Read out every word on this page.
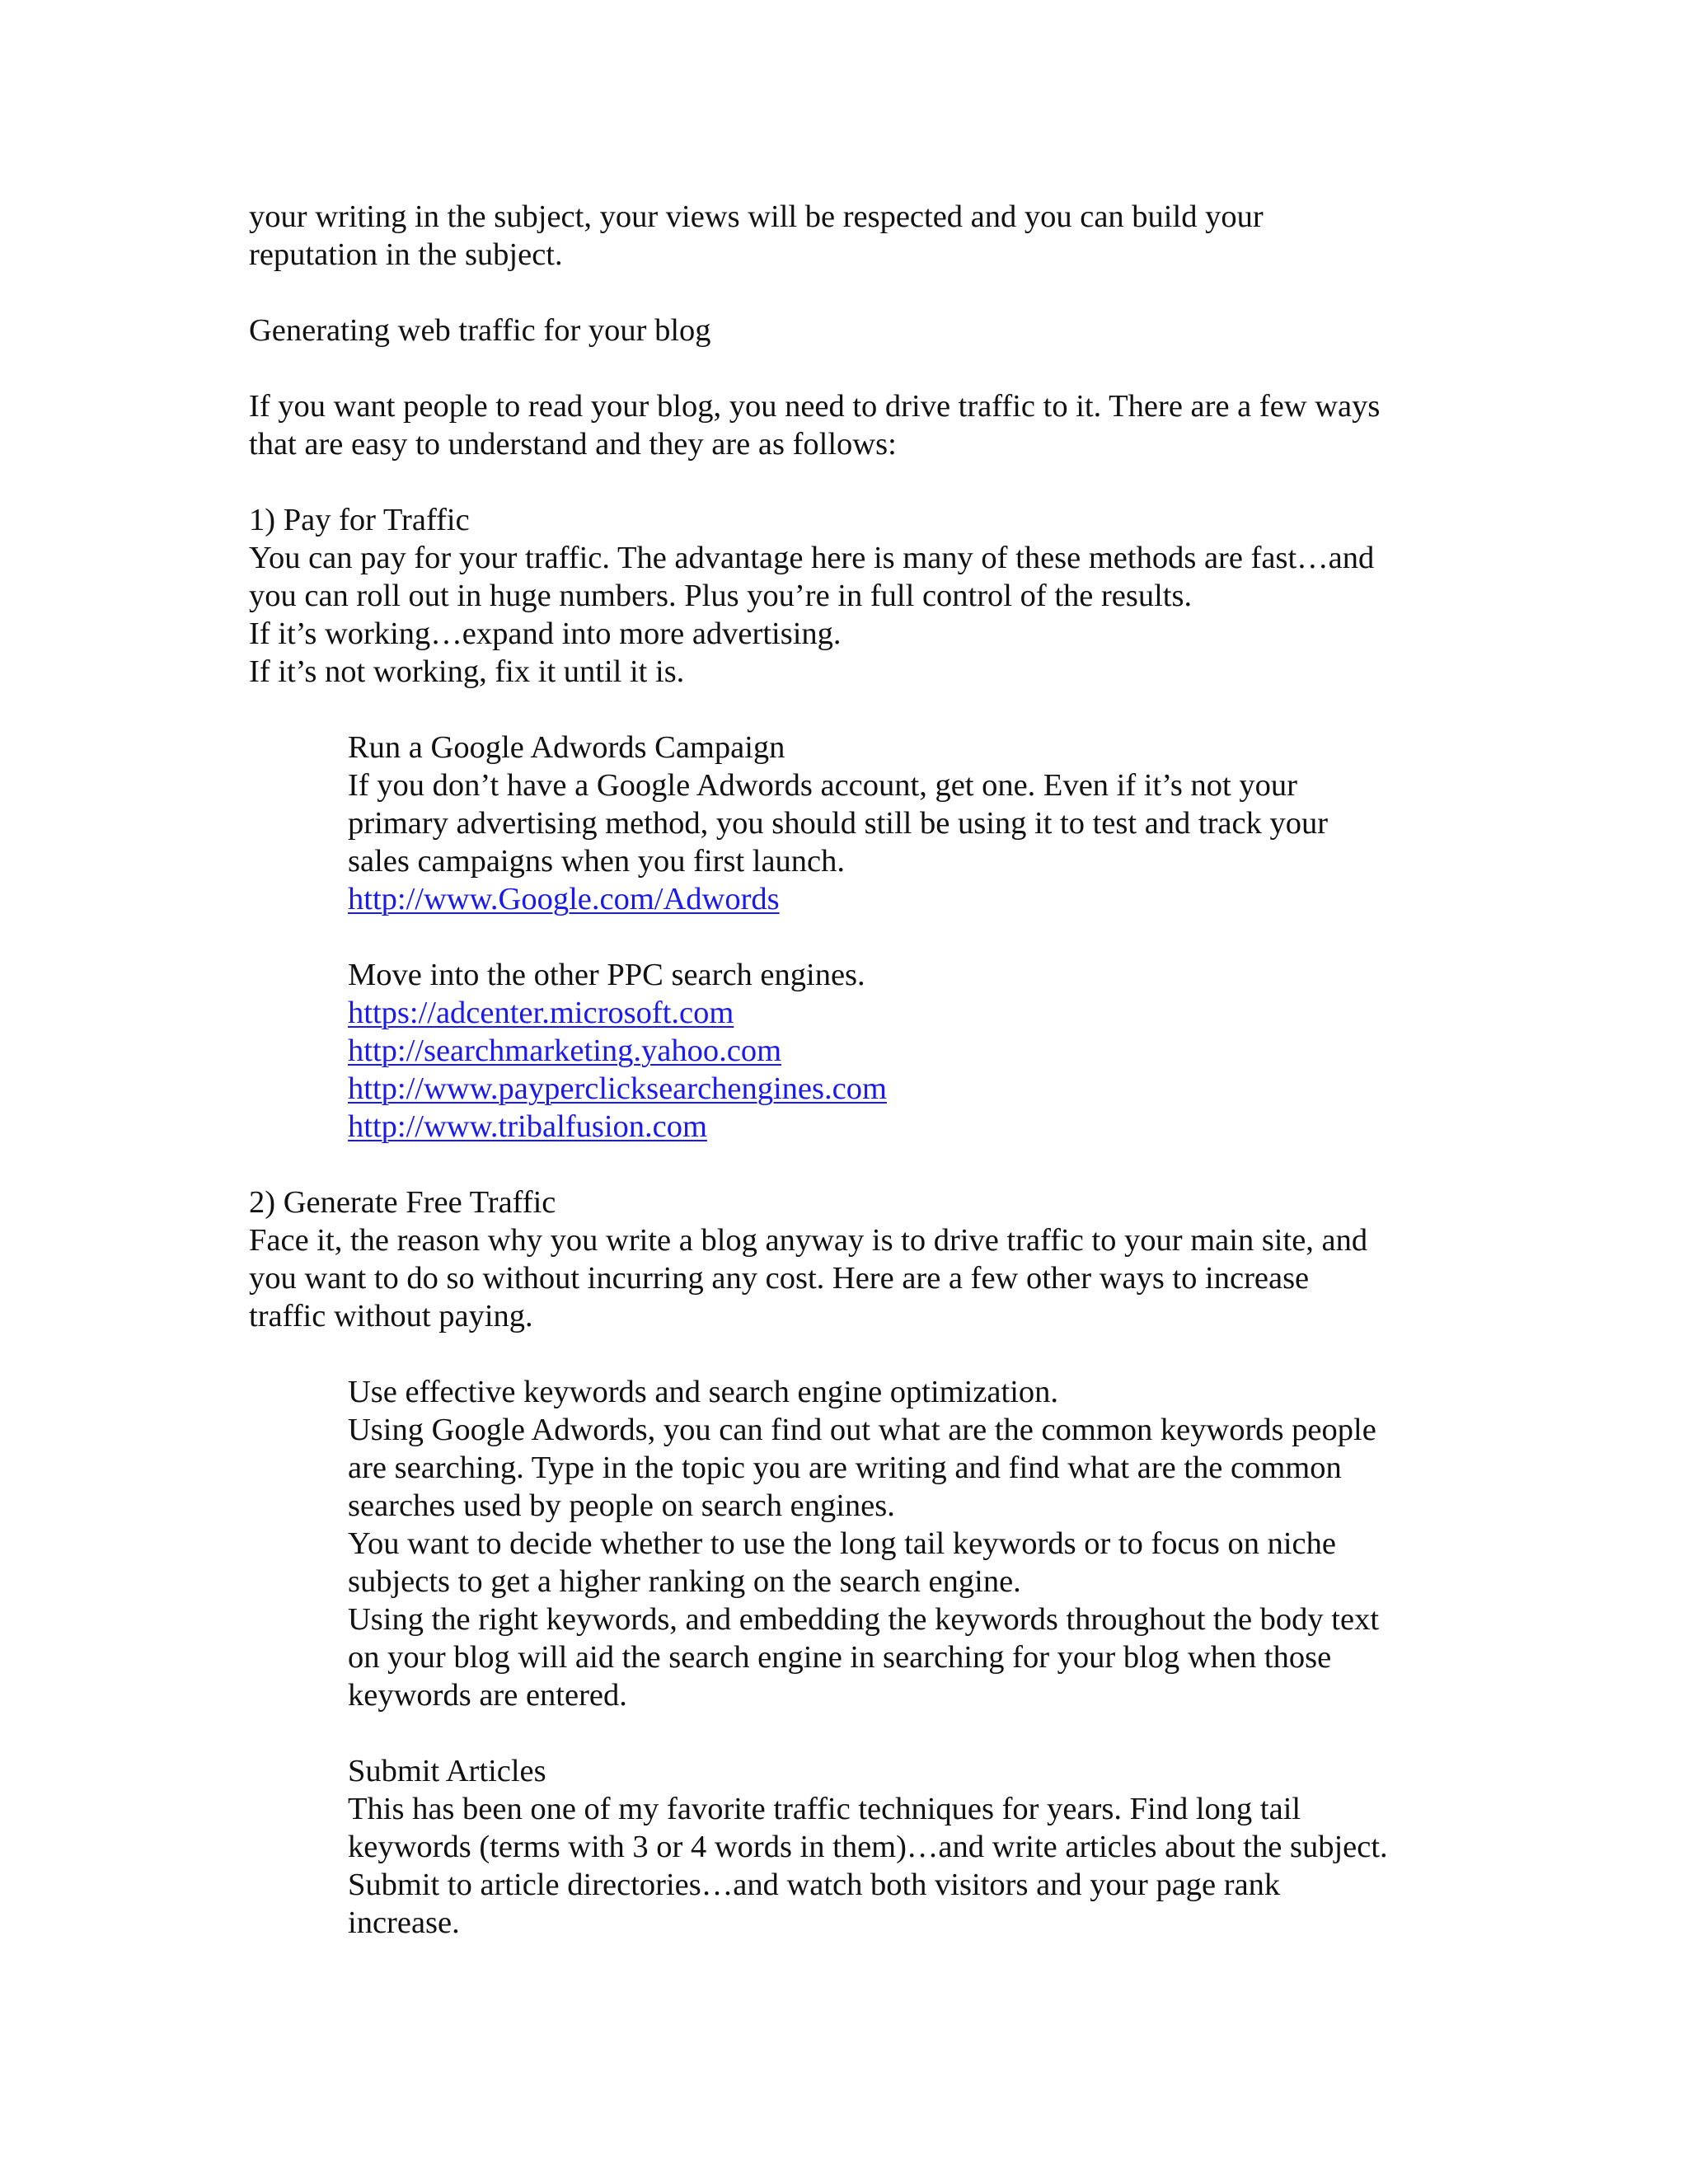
your writing in the subject, your views will be respected and you can build your
reputation in the subject.
Generating web traffic for your blog
If you want people to read your blog, you need to drive traffic to it. There are a few ways
that are easy to understand and they are as follows:
1) Pay for Traffic
You can pay for your traffic. The advantage here is many of these methods are fast…and
you can roll out in huge numbers. Plus you’re in full control of the results.
If it’s working…expand into more advertising.
If it’s not working, fix it until it is.
Run a Google Adwords Campaign
If you don’t have a Google Adwords account, get one. Even if it’s not your
primary advertising method, you should still be using it to test and track your
sales campaigns when you first launch.
http://www.Google.com/Adwords
Move into the other PPC search engines.
https://adcenter.microsoft.com
http://searchmarketing.yahoo.com
http://www.payperclicksearchengines.com
http://www.tribalfusion.com
2) Generate Free Traffic
Face it, the reason why you write a blog anyway is to drive traffic to your main site, and
you want to do so without incurring any cost. Here are a few other ways to increase
traffic without paying.
Use effective keywords and search engine optimization.
Using Google Adwords, you can find out what are the common keywords people
are searching. Type in the topic you are writing and find what are the common
searches used by people on search engines.
You want to decide whether to use the long tail keywords or to focus on niche
subjects to get a higher ranking on the search engine.
Using the right keywords, and embedding the keywords throughout the body text
on your blog will aid the search engine in searching for your blog when those
keywords are entered.
Submit Articles
This has been one of my favorite traffic techniques for years. Find long tail
keywords (terms with 3 or 4 words in them)…and write articles about the subject.
Submit to article directories…and watch both visitors and your page rank
increase.
